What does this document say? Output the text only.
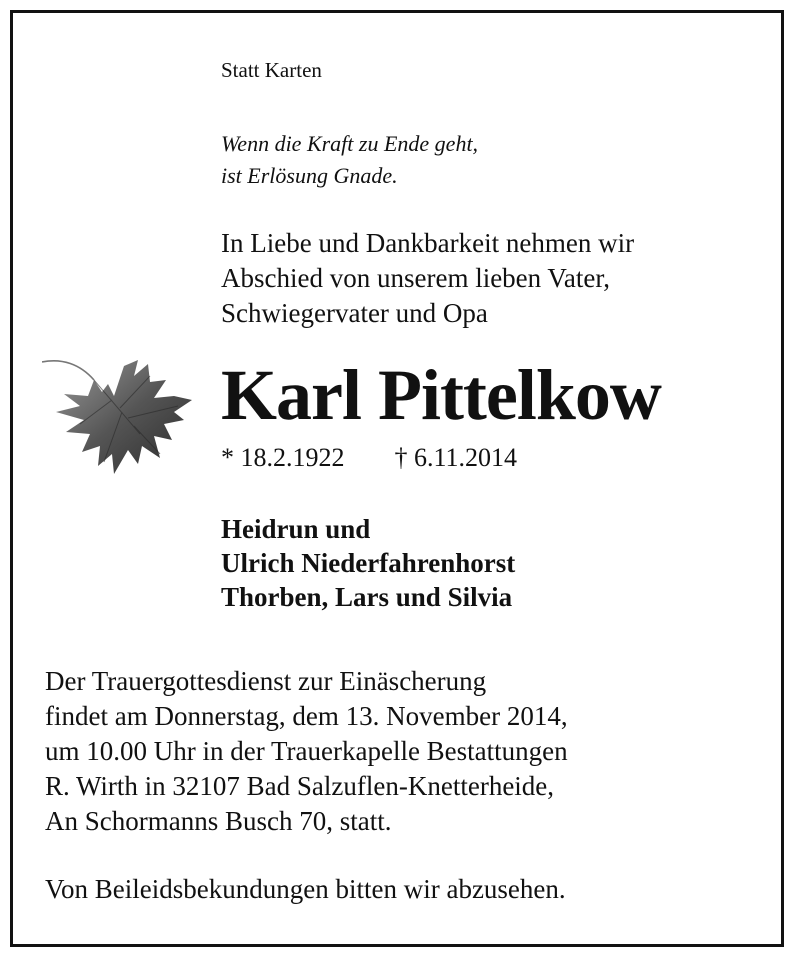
Statt Karten

Wenn die Kraft zu Ende geht,
ist Erlösung Gnade.
In Liebe und Dankbarkeit nehmen wir
Abschied von unserem lieben Vater,
Schwiegervater und Opa
Karl Pittelkow
* 18.2.1922 † 6.11.2014
Heidrun und
Ulrich Niederfahrenhorst
Thorben, Lars und Silvia
Der Trauergottesdienst zur Einäscherung
findet am Donnerstag, dem 13. November 2014,
um 10.00 Uhr in der Trauerkapelle Bestattungen
R. Wirth in 32107 Bad Salzuflen-Knetterheide,
An Schormanns Busch 70, statt.

Von Beileidsbekundungen bitten wir abzusehen.
